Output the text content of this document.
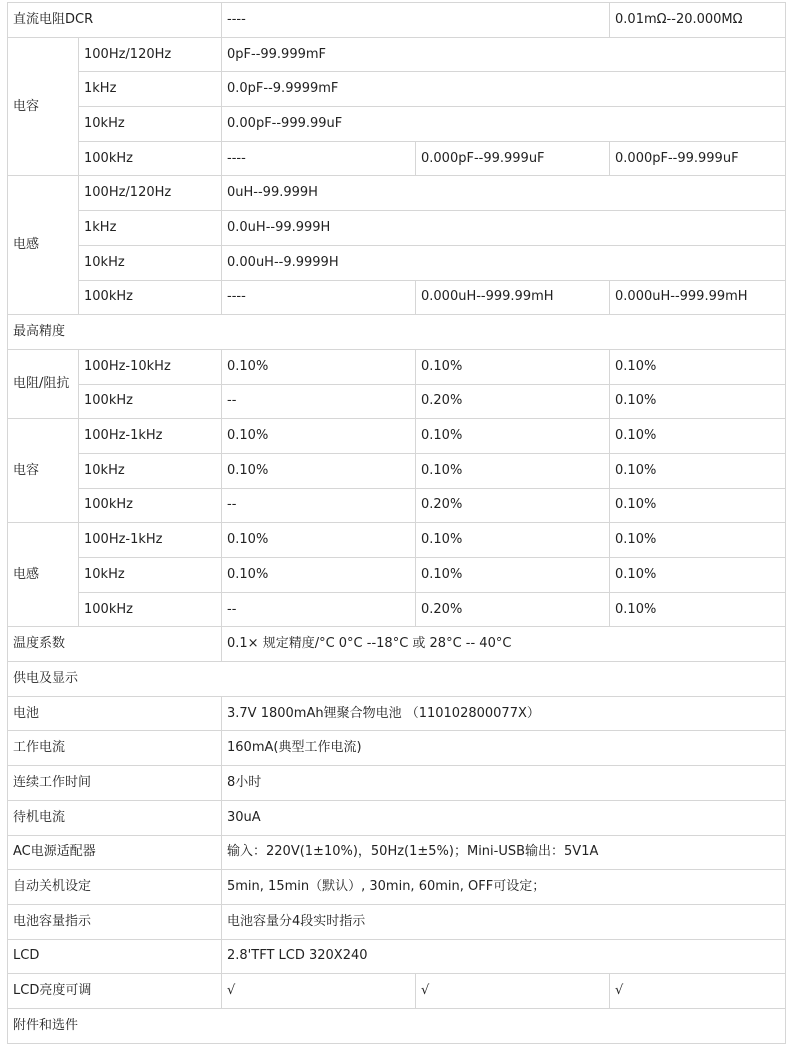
直流电阻DCR		----		0.01mΩ--20.000MΩ
电容	100Hz/120Hz	0pF--99.999mF		
	1kHz	0.0pF--9.9999mF		
	10kHz	0.00pF--999.99uF		
	100kHz	----	0.000pF--99.999uF	0.000pF--99.999uF
电感	100Hz/120Hz	0uH--99.999H		
	1kHz	0.0uH--99.999H		
	10kHz	0.00uH--9.9999H		
	100kHz	----	0.000uH--999.99mH	0.000uH--999.99mH
最高精度				
电阻/阻抗	100Hz-10kHz	0.10%	0.10%	0.10%
	100kHz	--	0.20%	0.10%
电容	100Hz-1kHz	0.10%	0.10%	0.10%
	10kHz	0.10%	0.10%	0.10%
	100kHz	--	0.20%	0.10%
电感	100Hz-1kHz	0.10%	0.10%	0.10%
	10kHz	0.10%	0.10%	0.10%
	100kHz	--	0.20%	0.10%
温度系数		0.1× 规定精度/°C 0°C --18°C 或 28°C -- 40°C		
供电及显示				
电池		3.7V 1800mAh锂聚合物电池 （110102800077X）		
工作电流		160mA(典型工作电流)		
连续工作时间		8小时		
待机电流		30uA		
AC电源适配器		输入：220V(1±10%)，50Hz(1±5%)；Mini-USB输出：5V1A		
自动关机设定		5min, 15min（默认）, 30min, 60min, OFF可设定；		
电池容量指示		电池容量分4段实时指示		
LCD		2.8'TFT LCD 320X240		
LCD亮度可调		√	√	√
附件和选件				
